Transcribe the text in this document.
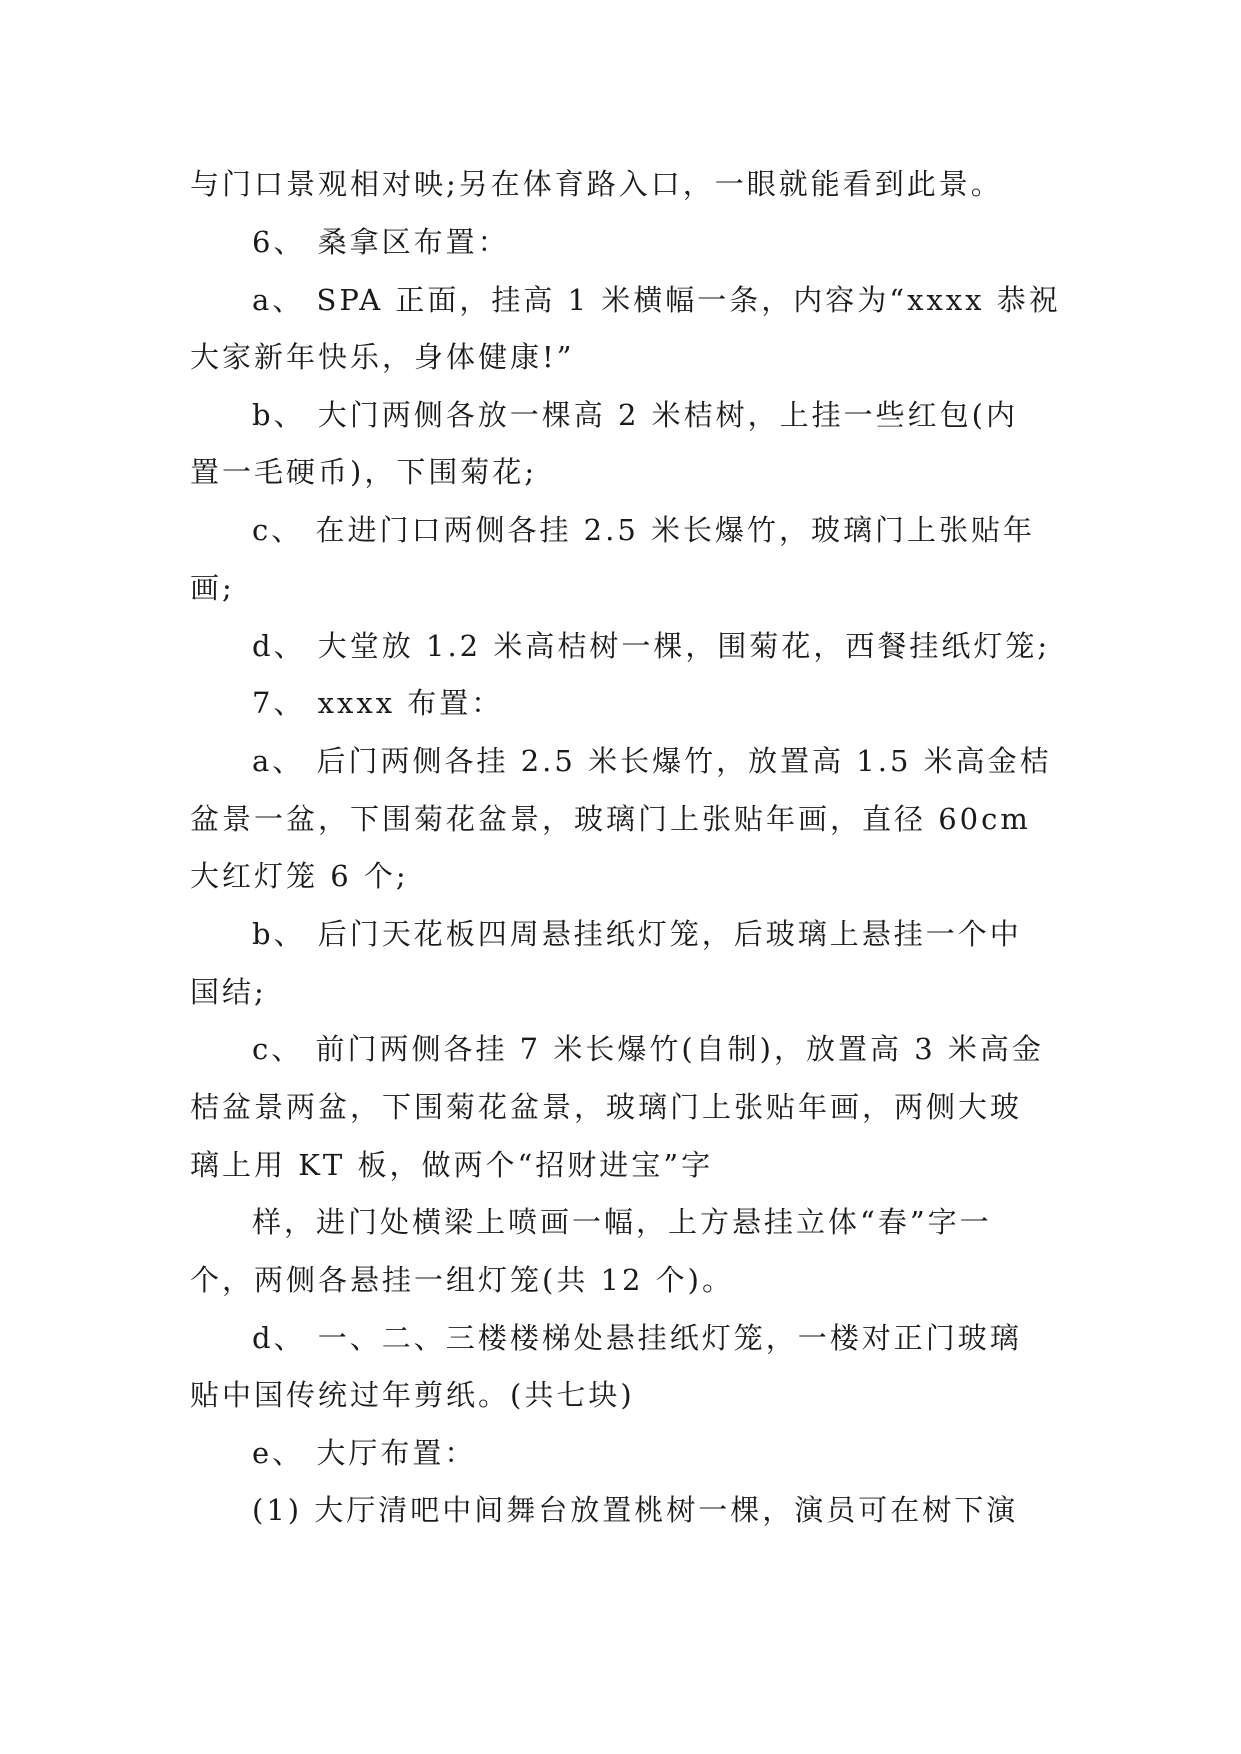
与门口景观相对映;另在体育路入口，一眼就能看到此景。

6、 桑拿区布置：

a、 SPA 正面，挂高 1 米横幅一条，内容为“xxxx 恭祝

大家新年快乐，身体健康!”

b、 大门两侧各放一棵高 2 米桔树，上挂一些红包(内

置一毛硬币)，下围菊花;

c、 在进门口两侧各挂 2.5 米长爆竹，玻璃门上张贴年

画;

d、 大堂放 1.2 米高桔树一棵，围菊花，西餐挂纸灯笼;

7、 xxxx 布置：

a、 后门两侧各挂 2.5 米长爆竹，放置高 1.5 米高金桔

盆景一盆，下围菊花盆景，玻璃门上张贴年画，直径 60cm

大红灯笼 6 个;

b、 后门天花板四周悬挂纸灯笼，后玻璃上悬挂一个中

国结;

c、 前门两侧各挂 7 米长爆竹(自制)，放置高 3 米高金

桔盆景两盆，下围菊花盆景，玻璃门上张贴年画，两侧大玻

璃上用 KT 板，做两个“招财进宝”字

样，进门处横梁上喷画一幅，上方悬挂立体“春”字一

个，两侧各悬挂一组灯笼(共 12 个)。

d、 一、二、三楼楼梯处悬挂纸灯笼，一楼对正门玻璃

贴中国传统过年剪纸。(共七块)

e、 大厅布置：

(1) 大厅清吧中间舞台放置桃树一棵，演员可在树下演
